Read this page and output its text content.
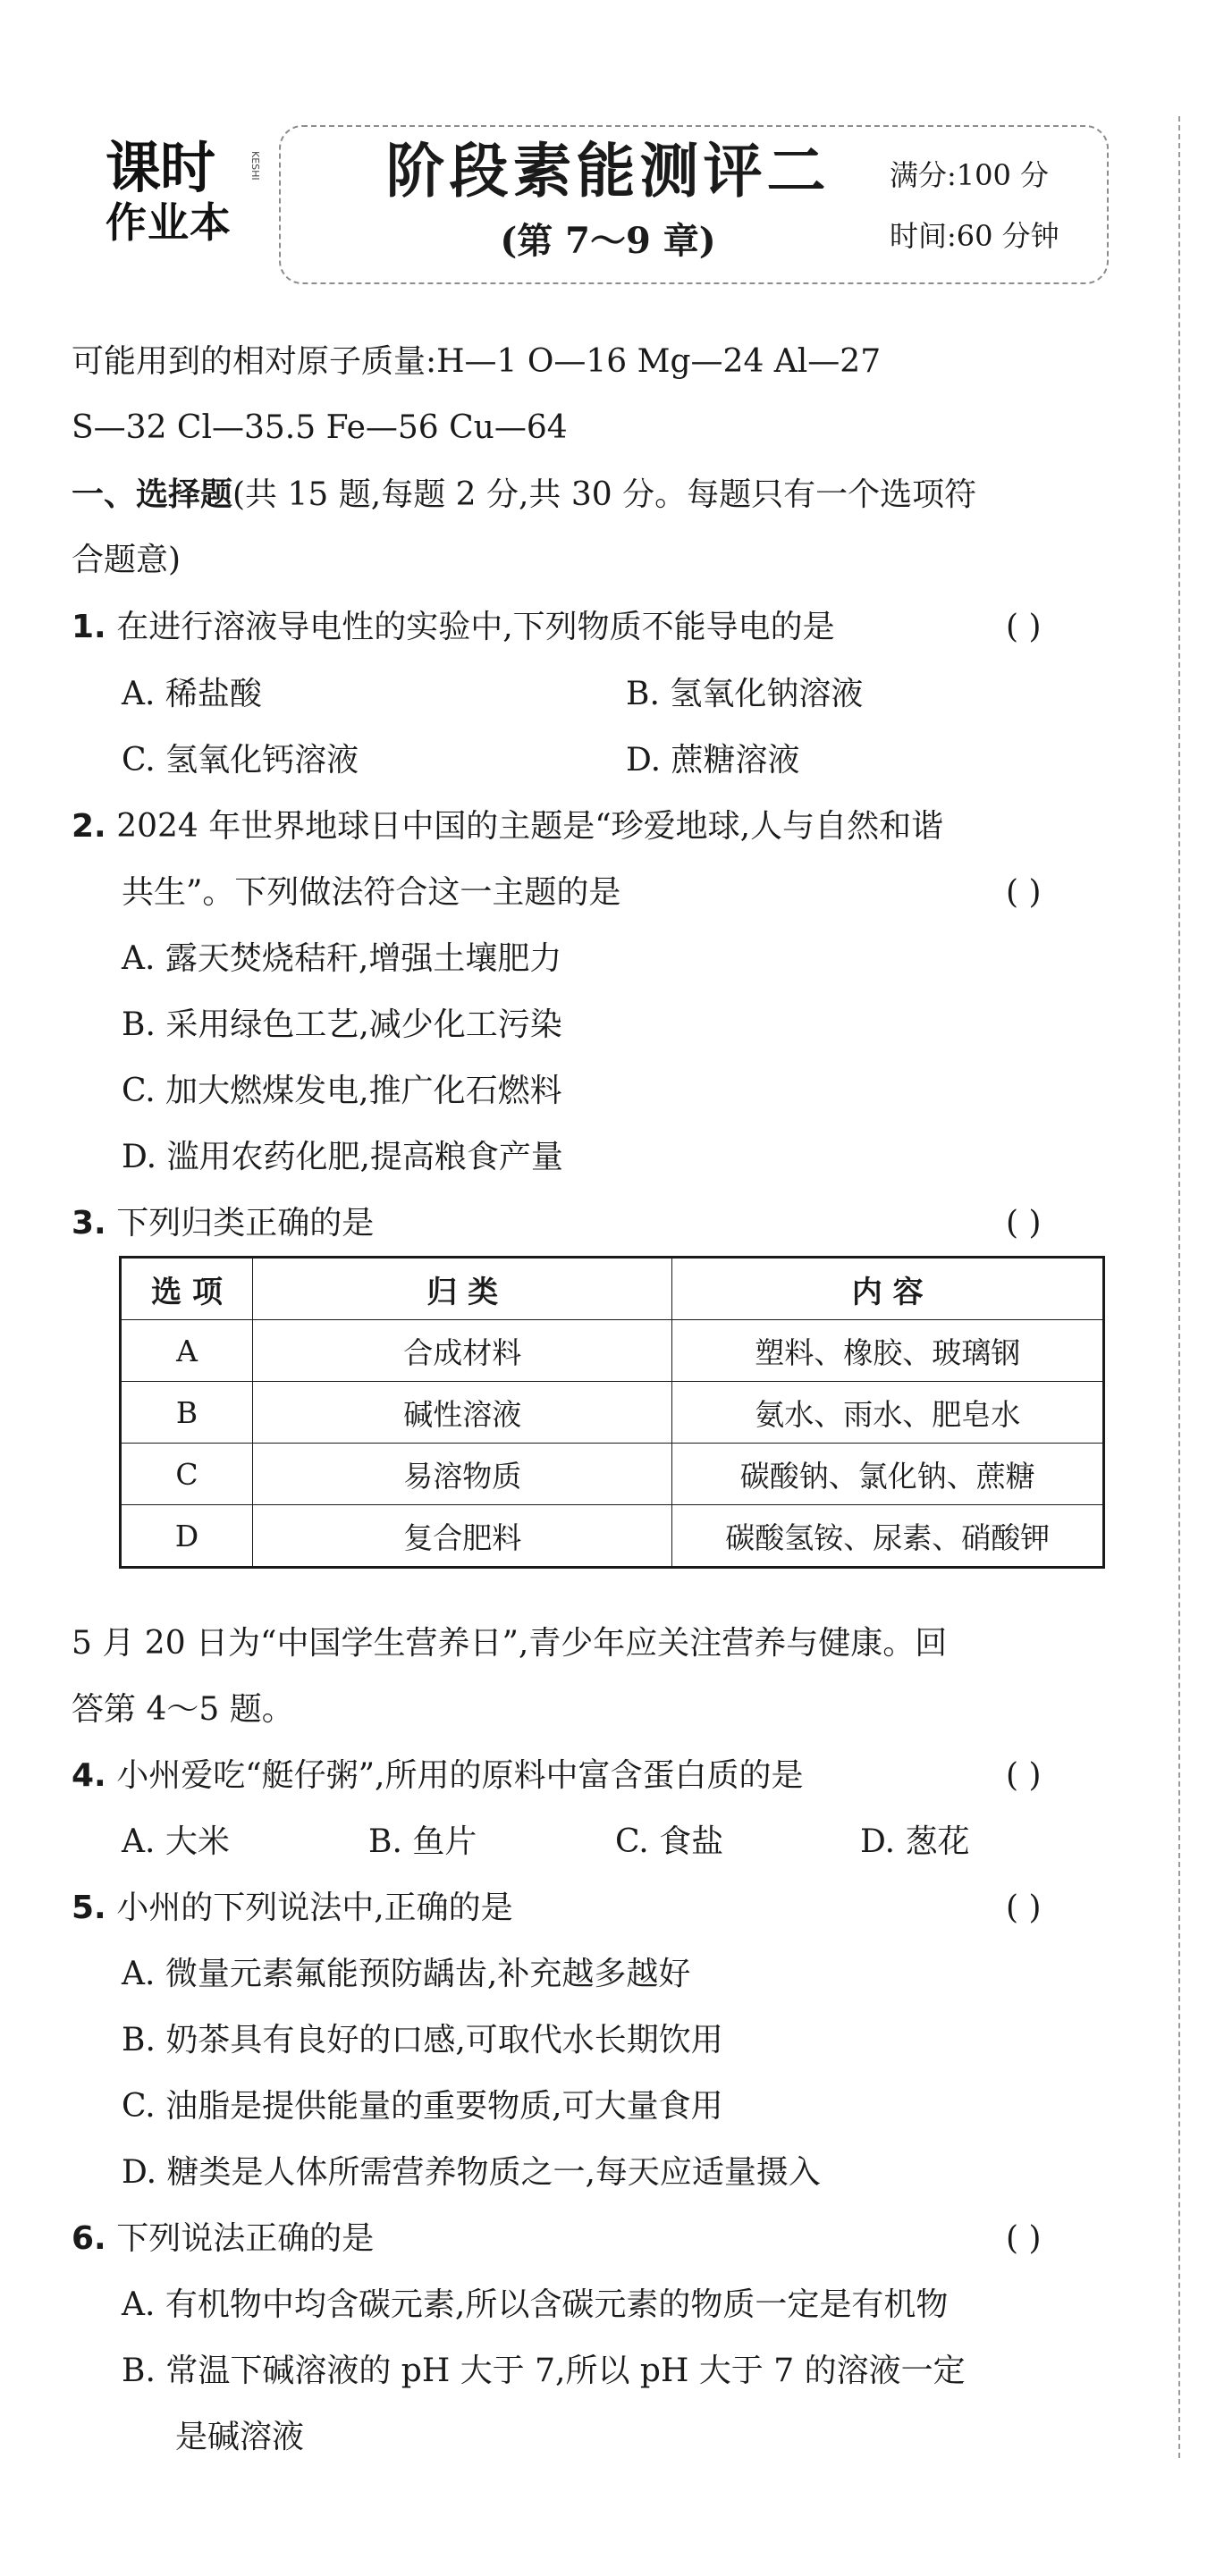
课时	KESHI
作业本
阶段素能测评二
(第 7～9 章)
满分:100 分
时间:60 分钟
可能用到的相对原子质量:H—1 O—16 Mg—24 Al—27
S—32 Cl—35.5 Fe—56 Cu—64
一、选择题(共 15 题,每题 2 分,共 30 分。每题只有一个选项符
合题意)
1. 在进行溶液导电性的实验中,下列物质不能导电的是	( )
A. 稀盐酸	B. 氢氧化钠溶液
C. 氢氧化钙溶液	D. 蔗糖溶液
2. 2024 年世界地球日中国的主题是“珍爱地球,人与自然和谐
共生”。下列做法符合这一主题的是	( )
A. 露天焚烧秸秆,增强土壤肥力
B. 采用绿色工艺,减少化工污染
C. 加大燃煤发电,推广化石燃料
D. 滥用农药化肥,提高粮食产量
3. 下列归类正确的是	( )
选 项	归 类	内 容
A	合成材料	塑料、橡胶、玻璃钢
B	碱性溶液	氨水、雨水、肥皂水
C	易溶物质	碳酸钠、氯化钠、蔗糖
D	复合肥料	碳酸氢铵、尿素、硝酸钾
5 月 20 日为“中国学生营养日”,青少年应关注营养与健康。回
答第 4～5 题。
4. 小州爱吃“艇仔粥”,所用的原料中富含蛋白质的是	( )
A. 大米	B. 鱼片	C. 食盐	D. 葱花
5. 小州的下列说法中,正确的是	( )
A. 微量元素氟能预防龋齿,补充越多越好
B. 奶茶具有良好的口感,可取代水长期饮用
C. 油脂是提供能量的重要物质,可大量食用
D. 糖类是人体所需营养物质之一,每天应适量摄入
6. 下列说法正确的是	( )
A. 有机物中均含碳元素,所以含碳元素的物质一定是有机物
B. 常温下碱溶液的 pH 大于 7,所以 pH 大于 7 的溶液一定
是碱溶液
